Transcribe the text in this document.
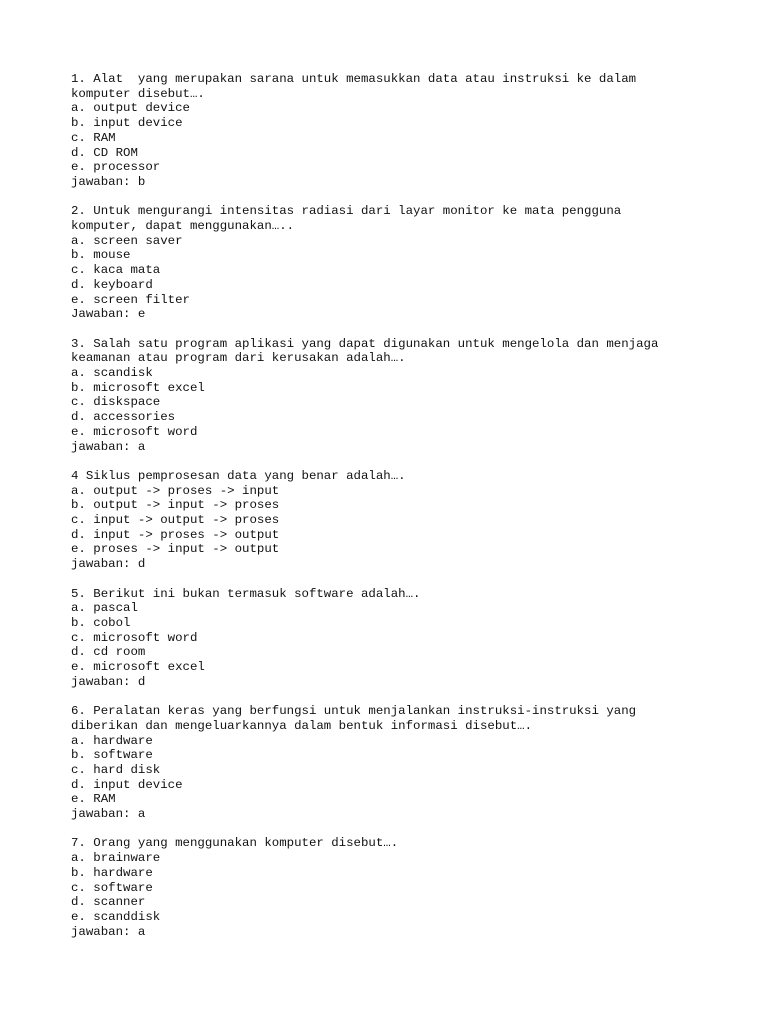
1. Alat  yang merupakan sarana untuk memasukkan data atau instruksi ke dalam
komputer disebut….
a. output device
b. input device
c. RAM
d. CD ROM
e. processor
jawaban: b
2. Untuk mengurangi intensitas radiasi dari layar monitor ke mata pengguna
komputer, dapat menggunakan…..
a. screen saver
b. mouse
c. kaca mata
d. keyboard
e. screen filter
Jawaban: e
3. Salah satu program aplikasi yang dapat digunakan untuk mengelola dan menjaga
keamanan atau program dari kerusakan adalah….
a. scandisk
b. microsoft excel
c. diskspace
d. accessories
e. microsoft word
jawaban: a
4 Siklus pemprosesan data yang benar adalah….
a. output -> proses -> input
b. output -> input -> proses
c. input -> output -> proses
d. input -> proses -> output
e. proses -> input -> output
jawaban: d
5. Berikut ini bukan termasuk software adalah….
a. pascal
b. cobol
c. microsoft word
d. cd room
e. microsoft excel
jawaban: d
6. Peralatan keras yang berfungsi untuk menjalankan instruksi-instruksi yang
diberikan dan mengeluarkannya dalam bentuk informasi disebut….
a. hardware
b. software
c. hard disk
d. input device
e. RAM
jawaban: a
7. Orang yang menggunakan komputer disebut….
a. brainware
b. hardware
c. software
d. scanner
e. scanddisk
jawaban: a
